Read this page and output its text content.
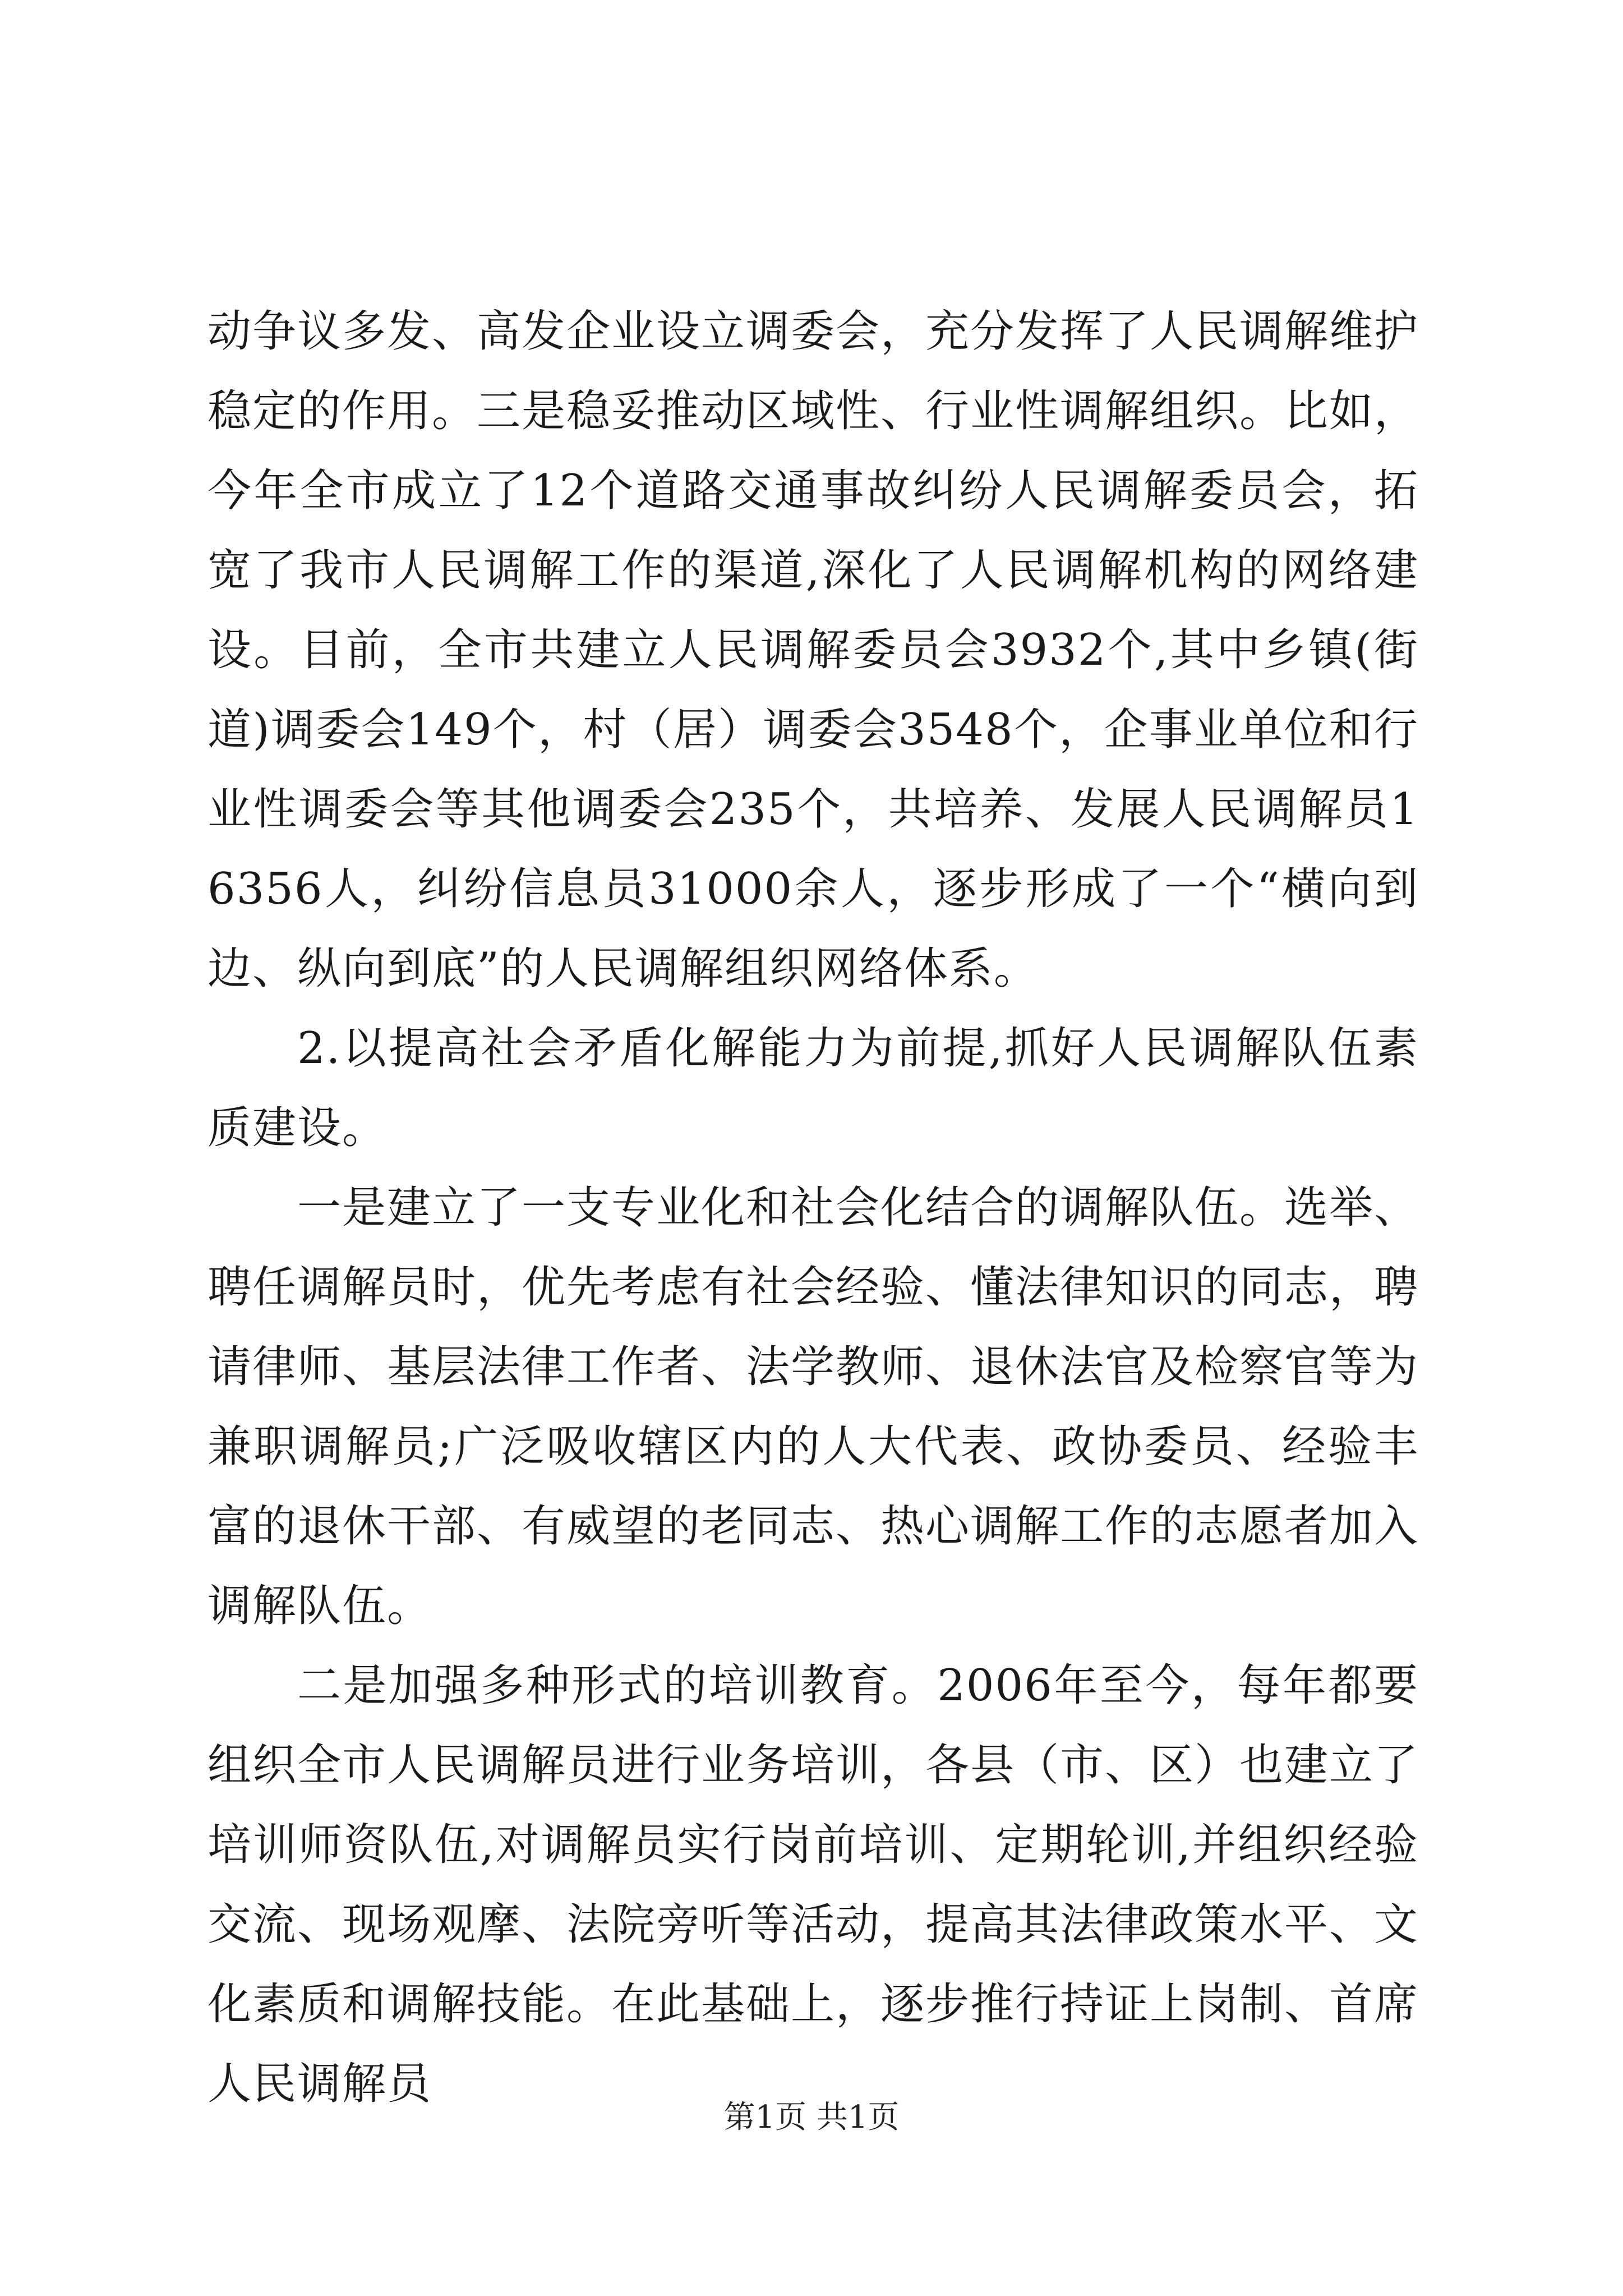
动争议多发、高发企业设立调委会，充分发挥了人民调解维护稳定的作用。三是稳妥推动区域性、行业性调解组织。比如，今年全市成立了12个道路交通事故纠纷人民调解委员会，拓宽了我市人民调解工作的渠道,深化了人民调解机构的网络建设。目前，全市共建立人民调解委员会3932个,其中乡镇(街道)调委会149个，村（居）调委会3548个，企事业单位和行业性调委会等其他调委会235个，共培养、发展人民调解员16356人，纠纷信息员31000余人，逐步形成了一个“横向到边、纵向到底”的人民调解组织网络体系。

2.以提高社会矛盾化解能力为前提,抓好人民调解队伍素质建设。

一是建立了一支专业化和社会化结合的调解队伍。选举、聘任调解员时，优先考虑有社会经验、懂法律知识的同志，聘请律师、基层法律工作者、法学教师、退休法官及检察官等为兼职调解员;广泛吸收辖区内的人大代表、政协委员、经验丰富的退休干部、有威望的老同志、热心调解工作的志愿者加入调解队伍。

二是加强多种形式的培训教育。2006年至今，每年都要组织全市人民调解员进行业务培训，各县（市、区）也建立了培训师资队伍,对调解员实行岗前培训、定期轮训,并组织经验交流、现场观摩、法院旁听等活动，提高其法律政策水平、文化素质和调解技能。在此基础上，逐步推行持证上岗制、首席人民调解员

第1页 共1页
